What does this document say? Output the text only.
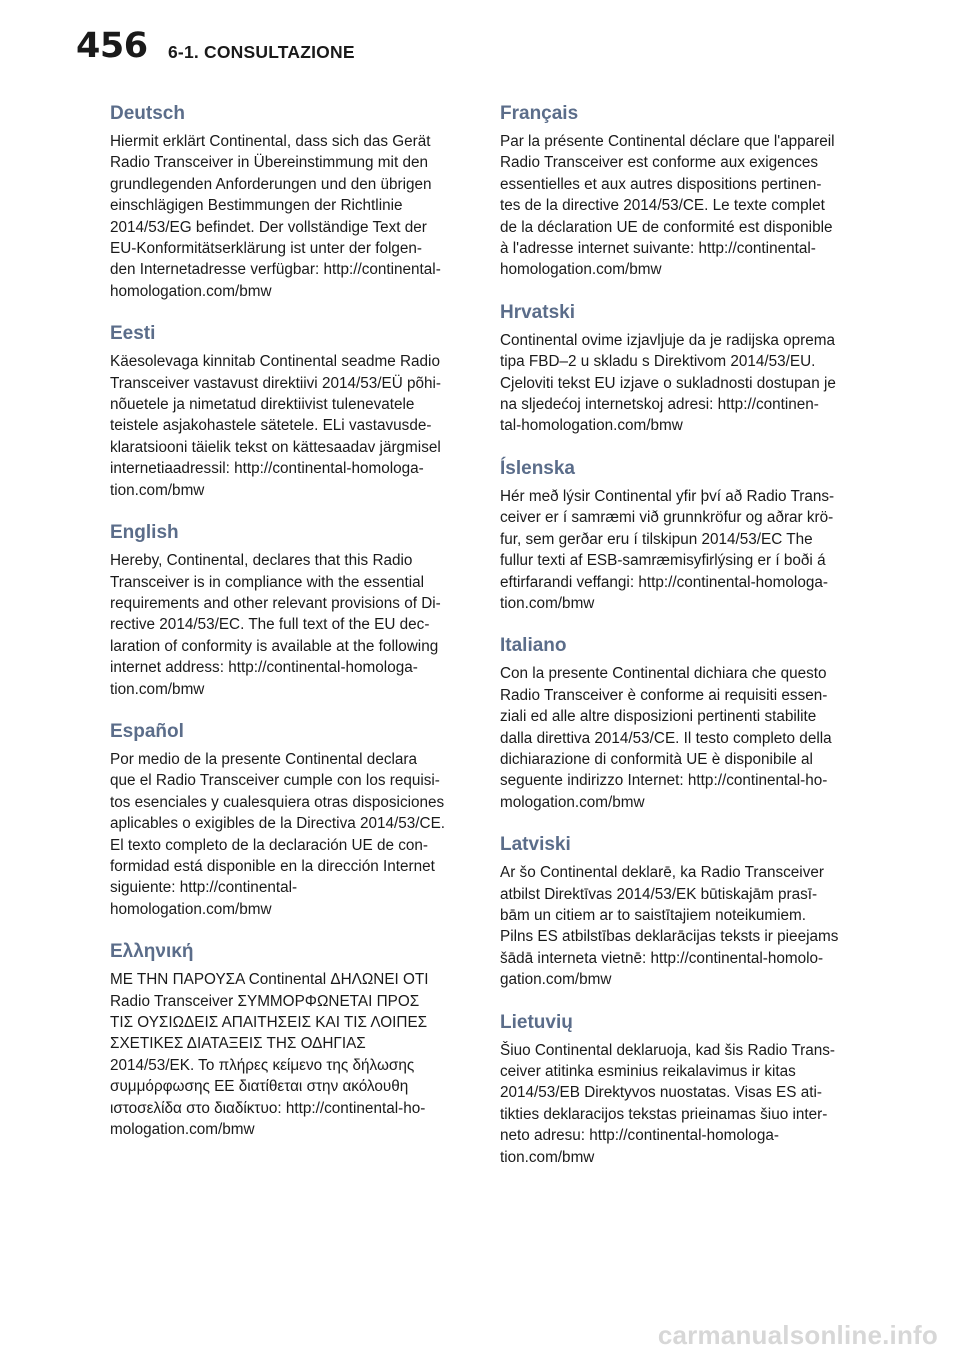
456 6-1. CONSULTAZIONE
Deutsch

Hiermit erklärt Continental, dass sich das Gerät
Radio Transceiver in Übereinstimmung mit den
grundlegenden Anforderungen und den übrigen
einschlägigen Bestimmungen der Richtlinie
2014/53/EG befindet. Der vollständige Text der
EU-Konformitätserklärung ist unter der folgen-
den Internetadresse verfügbar: http://continental-
homologation.com/bmw

Eesti

Käesolevaga kinnitab Continental seadme Radio
Transceiver vastavust direktiivi 2014/53/EÜ põhi-
nõuetele ja nimetatud direktiivist tulenevatele
teistele asjakohastele sätetele. ELi vastavusde-
klaratsiooni täielik tekst on kättesaadav järgmisel
internetiaadressil: http://continental-homologa-
tion.com/bmw

English

Hereby, Continental, declares that this Radio
Transceiver is in compliance with the essential
requirements and other relevant provisions of Di-
rective 2014/53/EC. The full text of the EU dec-
laration of conformity is available at the following
internet address: http://continental-homologa-
tion.com/bmw

Español

Por medio de la presente Continental declara
que el Radio Transceiver cumple con los requisi-
tos esenciales y cualesquiera otras disposiciones
aplicables o exigibles de la Directiva 2014/53/CE.
El texto completo de la declaración UE de con-
formidad está disponible en la dirección Internet
siguiente: http://continental-
homologation.com/bmw

Ελληνική

ΜΕ ΤΗΝ ΠΑΡΟΥΣΑ Continental ΔΗΛΩΝΕΙ ΟΤΙ
Radio Transceiver ΣΥΜΜΟΡΦΩΝΕΤΑΙ ΠΡΟΣ
ΤΙΣ ΟΥΣΙΩΔΕΙΣ ΑΠΑΙΤΗΣΕΙΣ ΚΑΙ ΤΙΣ ΛΟΙΠΕΣ
ΣΧΕΤΙΚΕΣ ΔΙΑΤΑΞΕΙΣ ΤΗΣ ΟΔΗΓΙΑΣ
2014/53/ΕΚ. Το πλήρες κείμενο της δήλωσης
συμμόρφωσης ΕΕ διατίθεται στην ακόλουθη
ιστοσελίδα στο διαδίκτυο: http://continental-ho-
mologation.com/bmw

Français

Par la présente Continental déclare que l'appareil
Radio Transceiver est conforme aux exigences
essentielles et aux autres dispositions pertinen-
tes de la directive 2014/53/CE. Le texte complet
de la déclaration UE de conformité est disponible
à l'adresse internet suivante: http://continental-
homologation.com/bmw

Hrvatski

Continental ovime izjavljuje da je radijska oprema
tipa FBD–2 u skladu s Direktivom 2014/53/EU.
Cjeloviti tekst EU izjave o sukladnosti dostupan je
na sljedećoj internetskoj adresi: http://continen-
tal-homologation.com/bmw

Íslenska

Hér með lýsir Continental yfir því að Radio Trans-
ceiver er í samræmi við grunnkröfur og aðrar krö-
fur, sem gerðar eru í tilskipun 2014/53/EC The
fullur texti af ESB-samræmisyfirlýsing er í boði á
eftirfarandi veffangi: http://continental-homologa-
tion.com/bmw

Italiano

Con la presente Continental dichiara che questo
Radio Transceiver è conforme ai requisiti essen-
ziali ed alle altre disposizioni pertinenti stabilite
dalla direttiva 2014/53/CE. Il testo completo della
dichiarazione di conformità UE è disponibile al
seguente indirizzo Internet: http://continental-ho-
mologation.com/bmw

Latviski

Ar šo Continental deklarē, ka Radio Transceiver
atbilst Direktīvas 2014/53/EK būtiskajām prasī-
bām un citiem ar to saistītajiem noteikumiem.
Pilns ES atbilstības deklarācijas teksts ir pieejams
šādā interneta vietnē: http://continental-homolo-
gation.com/bmw

Lietuvių

Šiuo Continental deklaruoja, kad šis Radio Trans-
ceiver atitinka esminius reikalavimus ir kitas
2014/53/EB Direktyvos nuostatas. Visas ES ati-
tikties deklaracijos tekstas prieinamas šiuo inter-
neto adresu: http://continental-homologa-
tion.com/bmw

carmanualsonline.info
